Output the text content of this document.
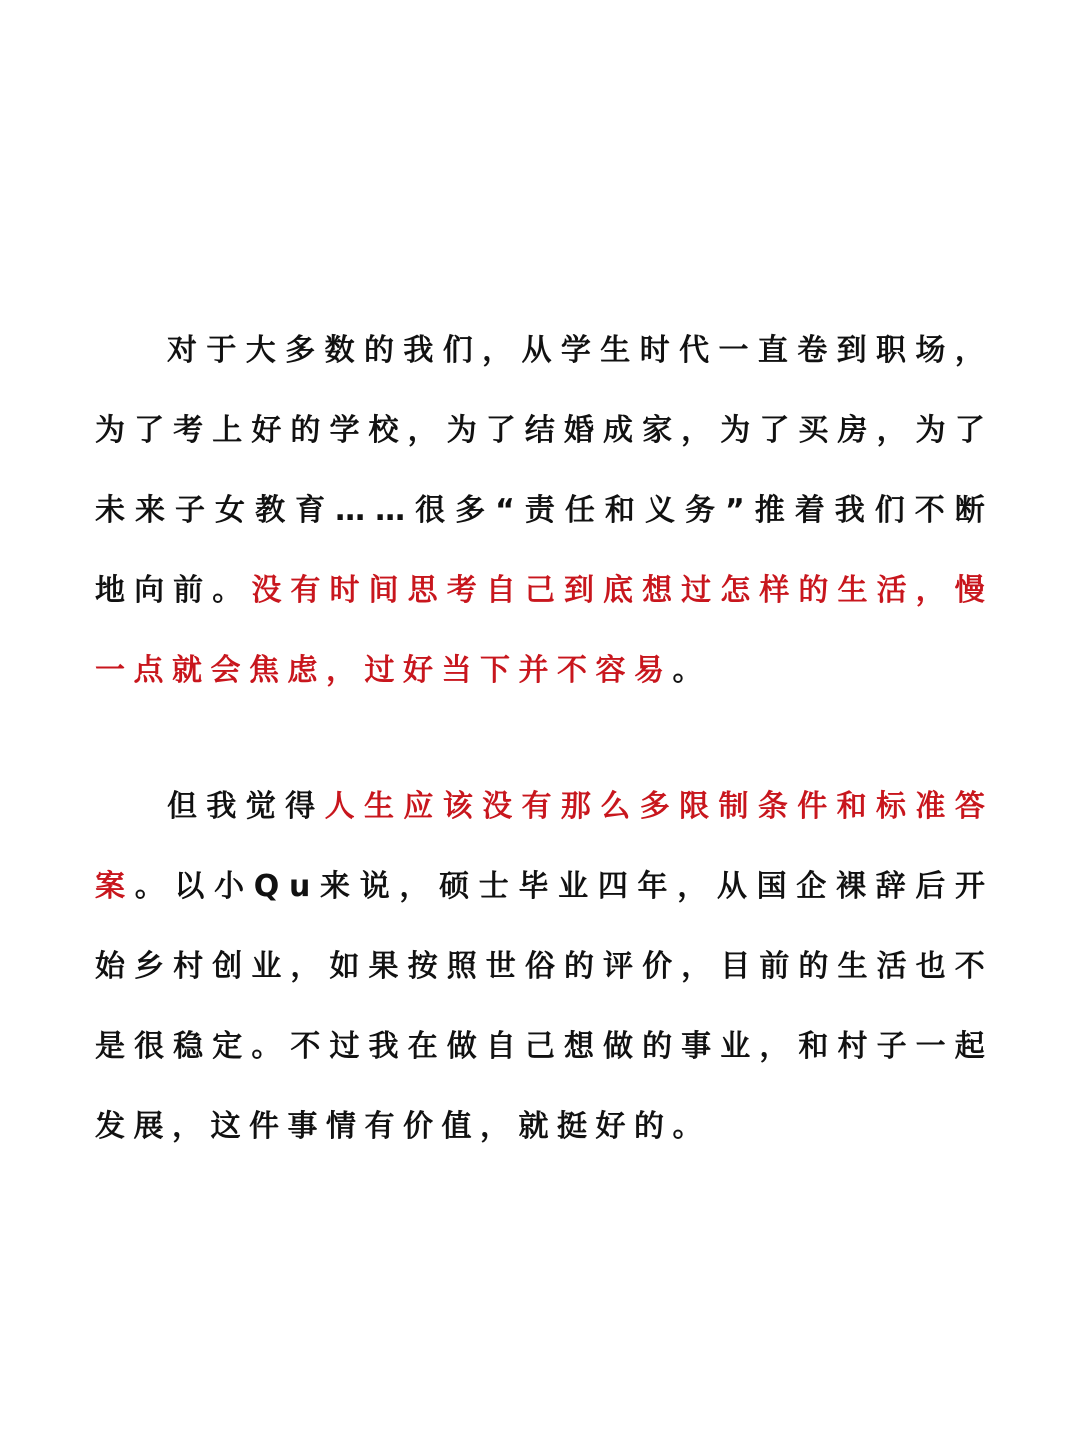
对 于 大 多 数 的 我 们 ， 从 学 生 时 代 一 直 卷 到 职 场 ，
为 了 考 上 好 的 学 校 ， 为 了 结 婚 成 家 ， 为 了 买 房 ， 为 了
未 来 子 女 教 育 … … 很 多 “ 责 任 和 义 务 ” 推 着 我 们 不 断
地 向 前 。 没 有 时 间 思 考 自 己 到 底 想 过 怎 样 的 生 活 ， 慢
一 点 就 会 焦 虑 ， 过 好 当 下 并 不 容 易 。
但 我 觉 得 人 生 应 该 没 有 那 么 多 限 制 条 件 和 标 准 答
案 。 以 小 Q u 来 说 ， 硕 士 毕 业 四 年 ， 从 国 企 裸 辞 后 开
始 乡 村 创 业 ， 如 果 按 照 世 俗 的 评 价 ， 目 前 的 生 活 也 不
是 很 稳 定 。 不 过 我 在 做 自 己 想 做 的 事 业 ， 和 村 子 一 起
发 展 ， 这 件 事 情 有 价 值 ， 就 挺 好 的 。
